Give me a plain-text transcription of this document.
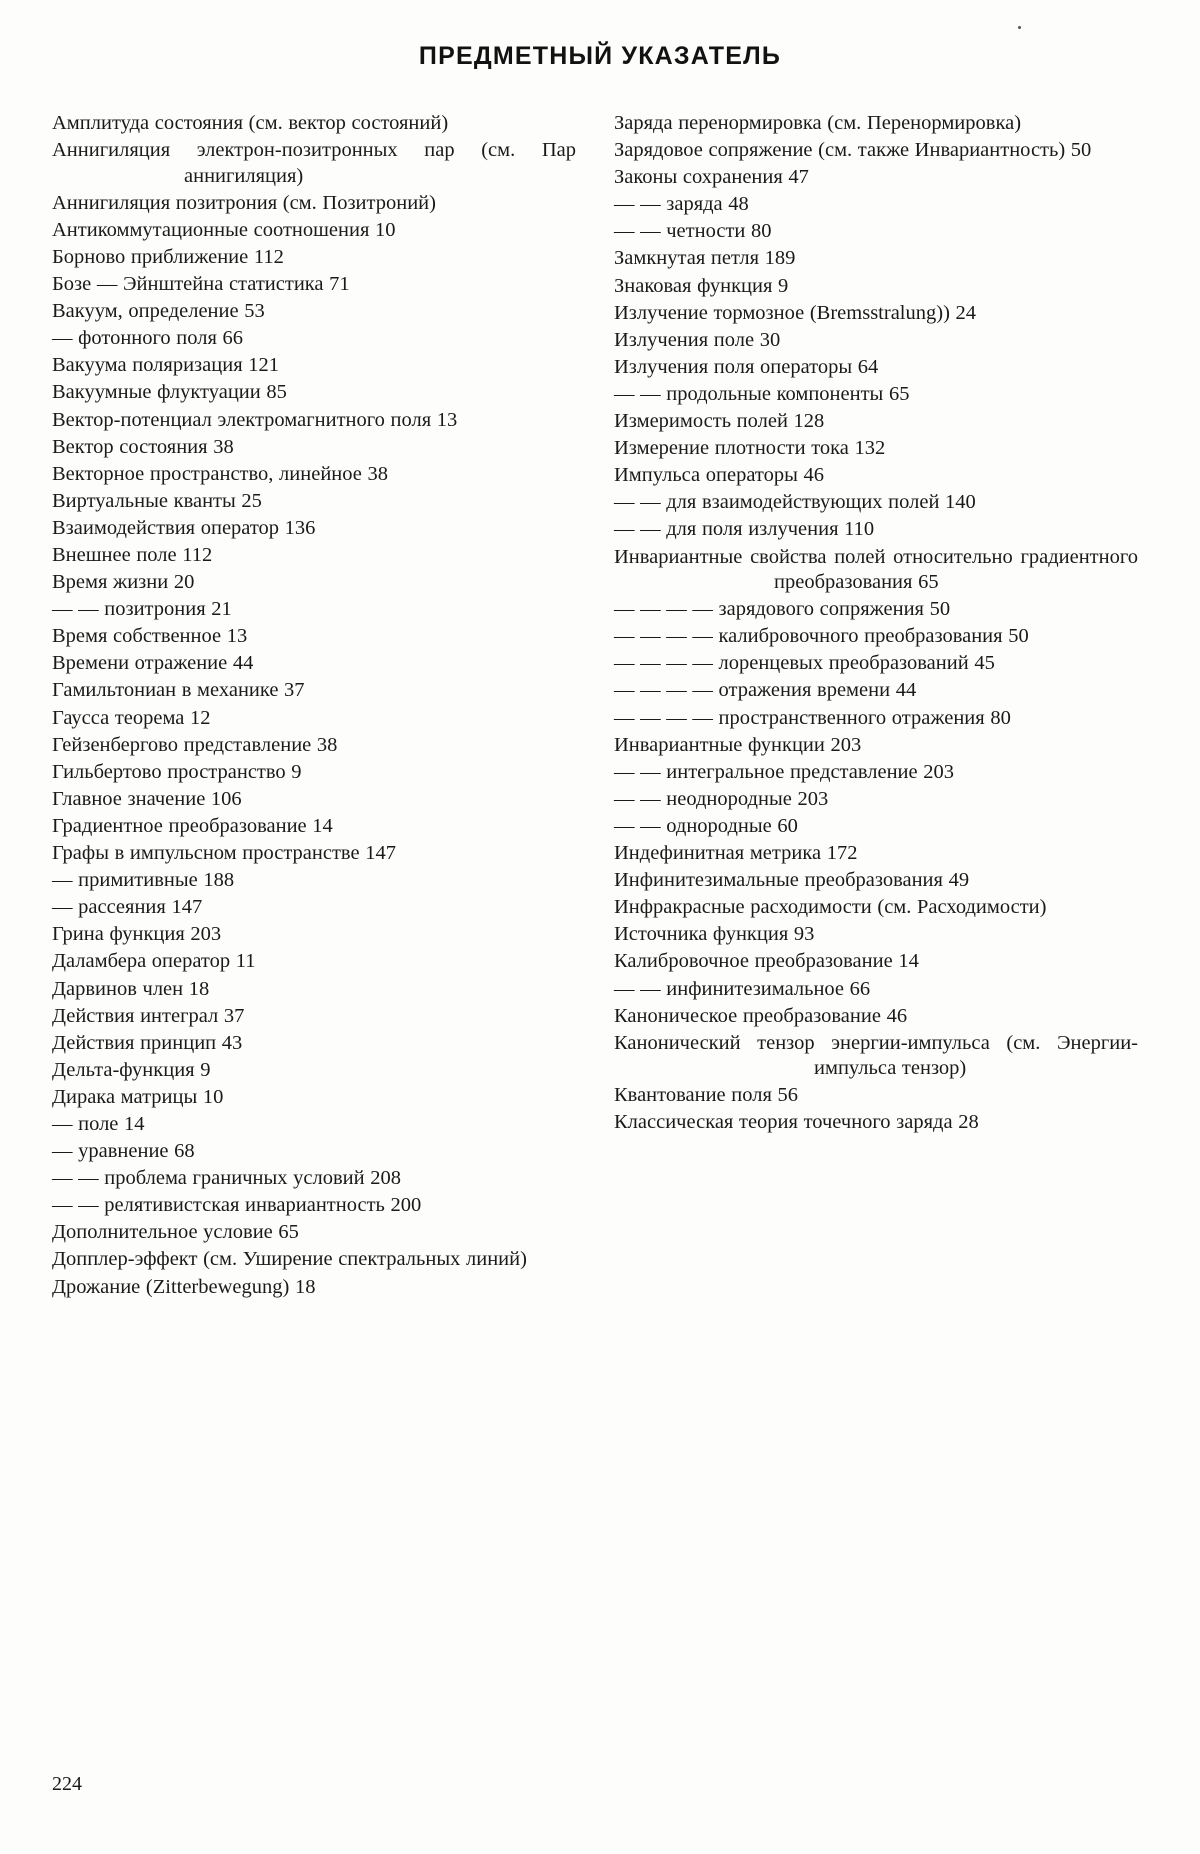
ПРЕДМЕТНЫЙ УКАЗАТЕЛЬ

Амплитуда состояния (см. вектор состояний)

Аннигиляция электрон-позитронных пар (см. Пар аннигиляция)

Аннигиляция позитрония (см. Позитроний)

Антикоммутационные соотношения 10

Борново приближение 112

Бозе — Эйнштейна статистика 71

Вакуум, определение 53

— фотонного поля 66

Вакуума поляризация 121

Вакуумные флуктуации 85

Вектор-потенциал электромагнитного поля 13

Вектор состояния 38

Векторное пространство, линейное 38

Виртуальные кванты 25

Взаимодействия оператор 136

Внешнее поле 112

Время жизни 20

— — позитрония 21

Время собственное 13

Времени отражение 44

Гамильтониан в механике 37

Гаусса теорема 12

Гейзенбергово представление 38

Гильбертово пространство 9

Главное значение 106

Градиентное преобразование 14

Графы в импульсном пространстве 147

— примитивные 188

— рассеяния 147

Грина функция 203

Даламбера оператор 11

Дарвинов член 18

Действия интеграл 37

Действия принцип 43

Дельта-функция 9

Дирака матрицы 10

— поле 14

— уравнение 68

— — проблема граничных условий 208

— — релятивистская инвариантность 200

Дополнительное условие 65

Допплер-эффект (см. Уширение спектральных линий)

Дрожание (Zitterbewegung) 18

Заряда перенормировка (см. Перенормировка)

Зарядовое сопряжение (см. также Инвариантность) 50

Законы сохранения 47

— — заряда 48

— — четности 80

Замкнутая петля 189

Знаковая функция 9

Излучение тормозное (Bremsstralung)) 24

Излучения поле 30

Излучения поля операторы 64

— — продольные компоненты 65

Измеримость полей 128

Измерение плотности тока 132

Импульса операторы 46

— — для взаимодействующих полей 140

— — для поля излучения 110

Инвариантные свойства полей относительно градиентного преобразования 65

— — — — зарядового сопряжения 50

— — — — калибровочного преобразования 50

— — — — лоренцевых преобразований 45

— — — — отражения времени 44

— — — — пространственного отражения 80

Инвариантные функции 203

— — интегральное представление 203

— — неоднородные 203

— — однородные 60

Индефинитная метрика 172

Инфинитезимальные преобразования 49

Инфракрасные расходимости (см. Расходимости)

Источника функция 93

Калибровочное преобразование 14

— — инфинитезимальное 66

Каноническое преобразование 46

Канонический тензор энергии-импульса (см. Энергии-импульса тензор)

Квантование поля 56

Классическая теория точечного заряда 28

224
